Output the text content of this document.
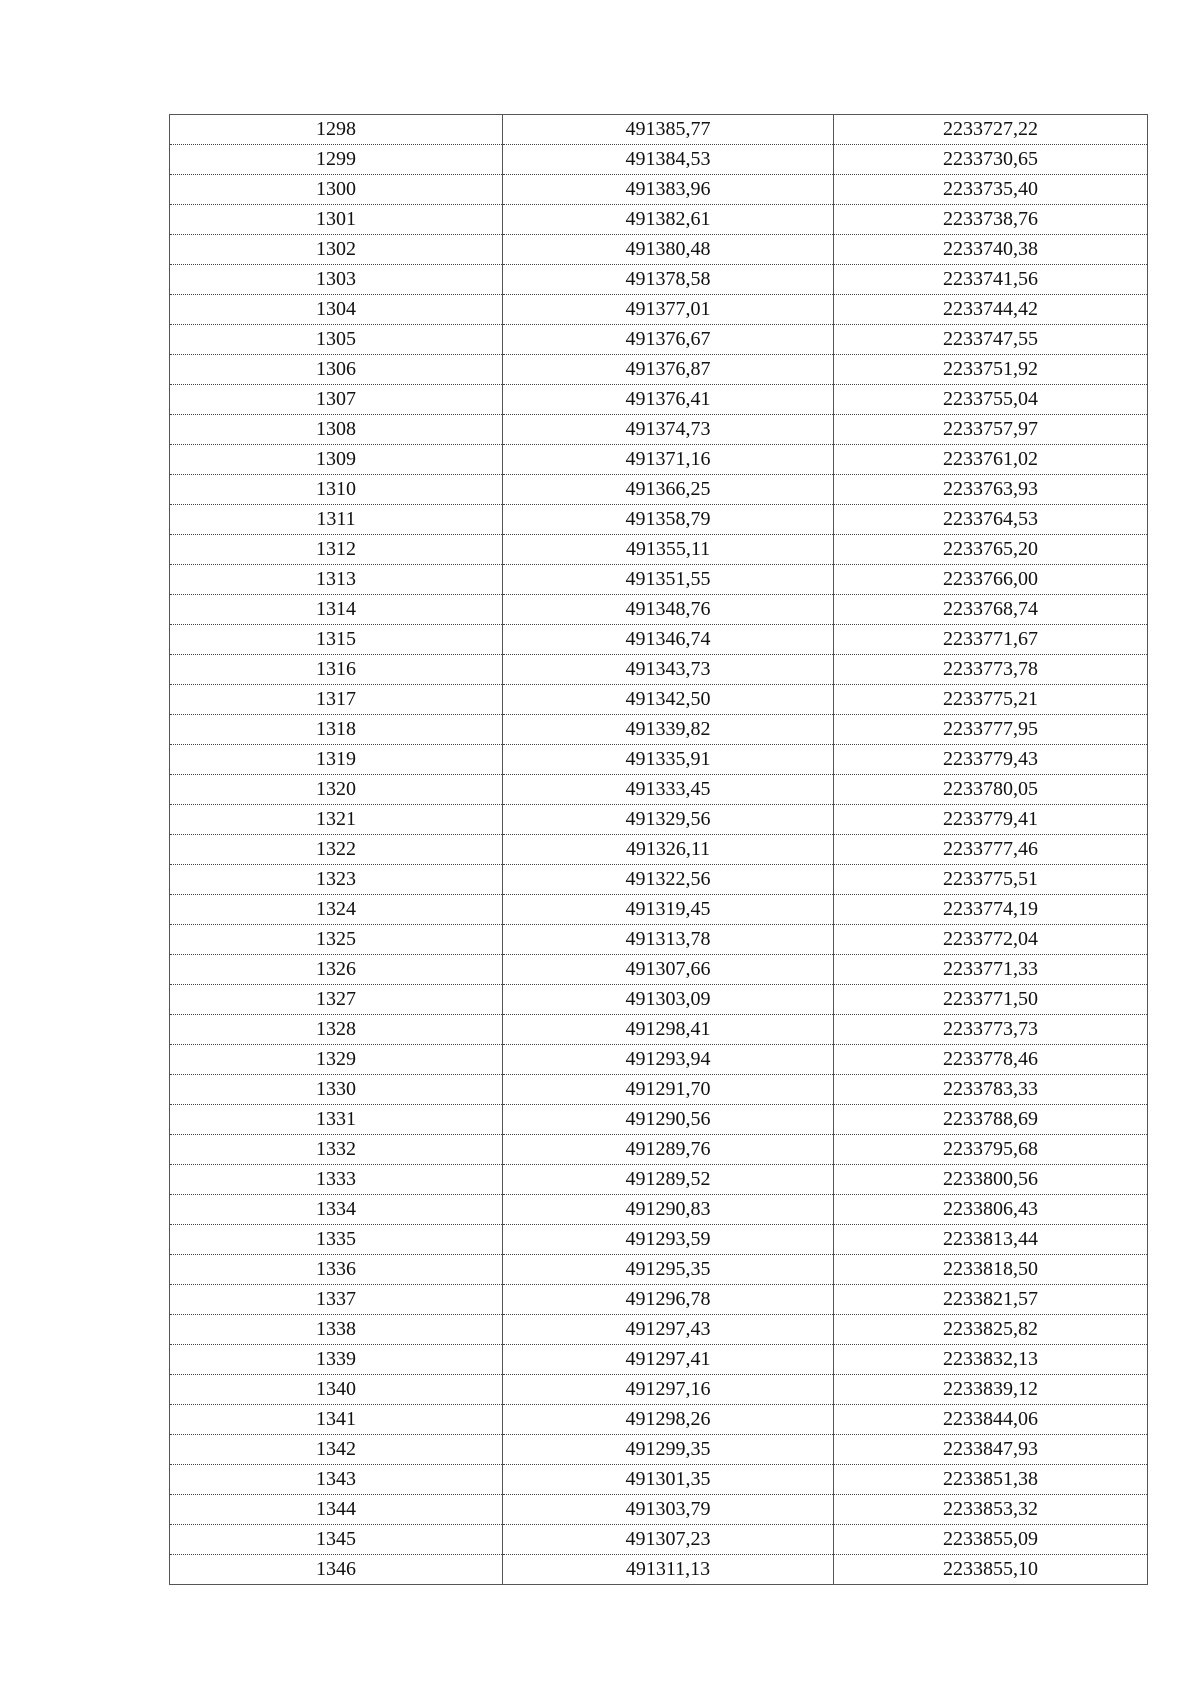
1298	491385,77	2233727,22
1299	491384,53	2233730,65
1300	491383,96	2233735,40
1301	491382,61	2233738,76
1302	491380,48	2233740,38
1303	491378,58	2233741,56
1304	491377,01	2233744,42
1305	491376,67	2233747,55
1306	491376,87	2233751,92
1307	491376,41	2233755,04
1308	491374,73	2233757,97
1309	491371,16	2233761,02
1310	491366,25	2233763,93
1311	491358,79	2233764,53
1312	491355,11	2233765,20
1313	491351,55	2233766,00
1314	491348,76	2233768,74
1315	491346,74	2233771,67
1316	491343,73	2233773,78
1317	491342,50	2233775,21
1318	491339,82	2233777,95
1319	491335,91	2233779,43
1320	491333,45	2233780,05
1321	491329,56	2233779,41
1322	491326,11	2233777,46
1323	491322,56	2233775,51
1324	491319,45	2233774,19
1325	491313,78	2233772,04
1326	491307,66	2233771,33
1327	491303,09	2233771,50
1328	491298,41	2233773,73
1329	491293,94	2233778,46
1330	491291,70	2233783,33
1331	491290,56	2233788,69
1332	491289,76	2233795,68
1333	491289,52	2233800,56
1334	491290,83	2233806,43
1335	491293,59	2233813,44
1336	491295,35	2233818,50
1337	491296,78	2233821,57
1338	491297,43	2233825,82
1339	491297,41	2233832,13
1340	491297,16	2233839,12
1341	491298,26	2233844,06
1342	491299,35	2233847,93
1343	491301,35	2233851,38
1344	491303,79	2233853,32
1345	491307,23	2233855,09
1346	491311,13	2233855,10
